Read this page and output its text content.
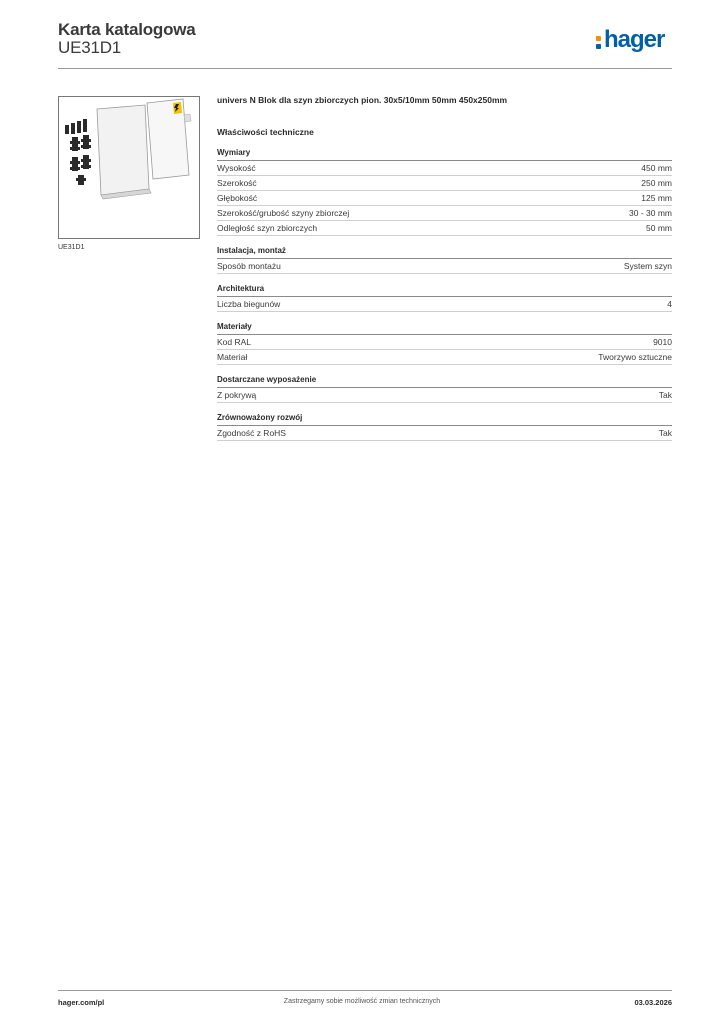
Karta katalogowa
UE31D1	hager
UE31D1
univers N Blok dla szyn zbiorczych pion. 30x5/10mm 50mm 450x250mm
Właściwości techniczne
Wymiary
Wysokość	450 mm
Szerokość	250 mm
Głębokość	125 mm
Szerokość/grubość szyny zbiorczej	30 - 30 mm
Odległość szyn zbiorczych	50 mm
Instalacja, montaż
Sposób montażu	System szyn
Architektura
Liczba biegunów	4
Materiały
Kod RAL	9010
Materiał	Tworzywo sztuczne
Dostarczane wyposażenie
Z pokrywą	Tak
Zrównoważony rozwój
Zgodność z RoHS	Tak
hager.com/pl	Zastrzegamy sobie możliwość zmian technicznych	03.03.2026
